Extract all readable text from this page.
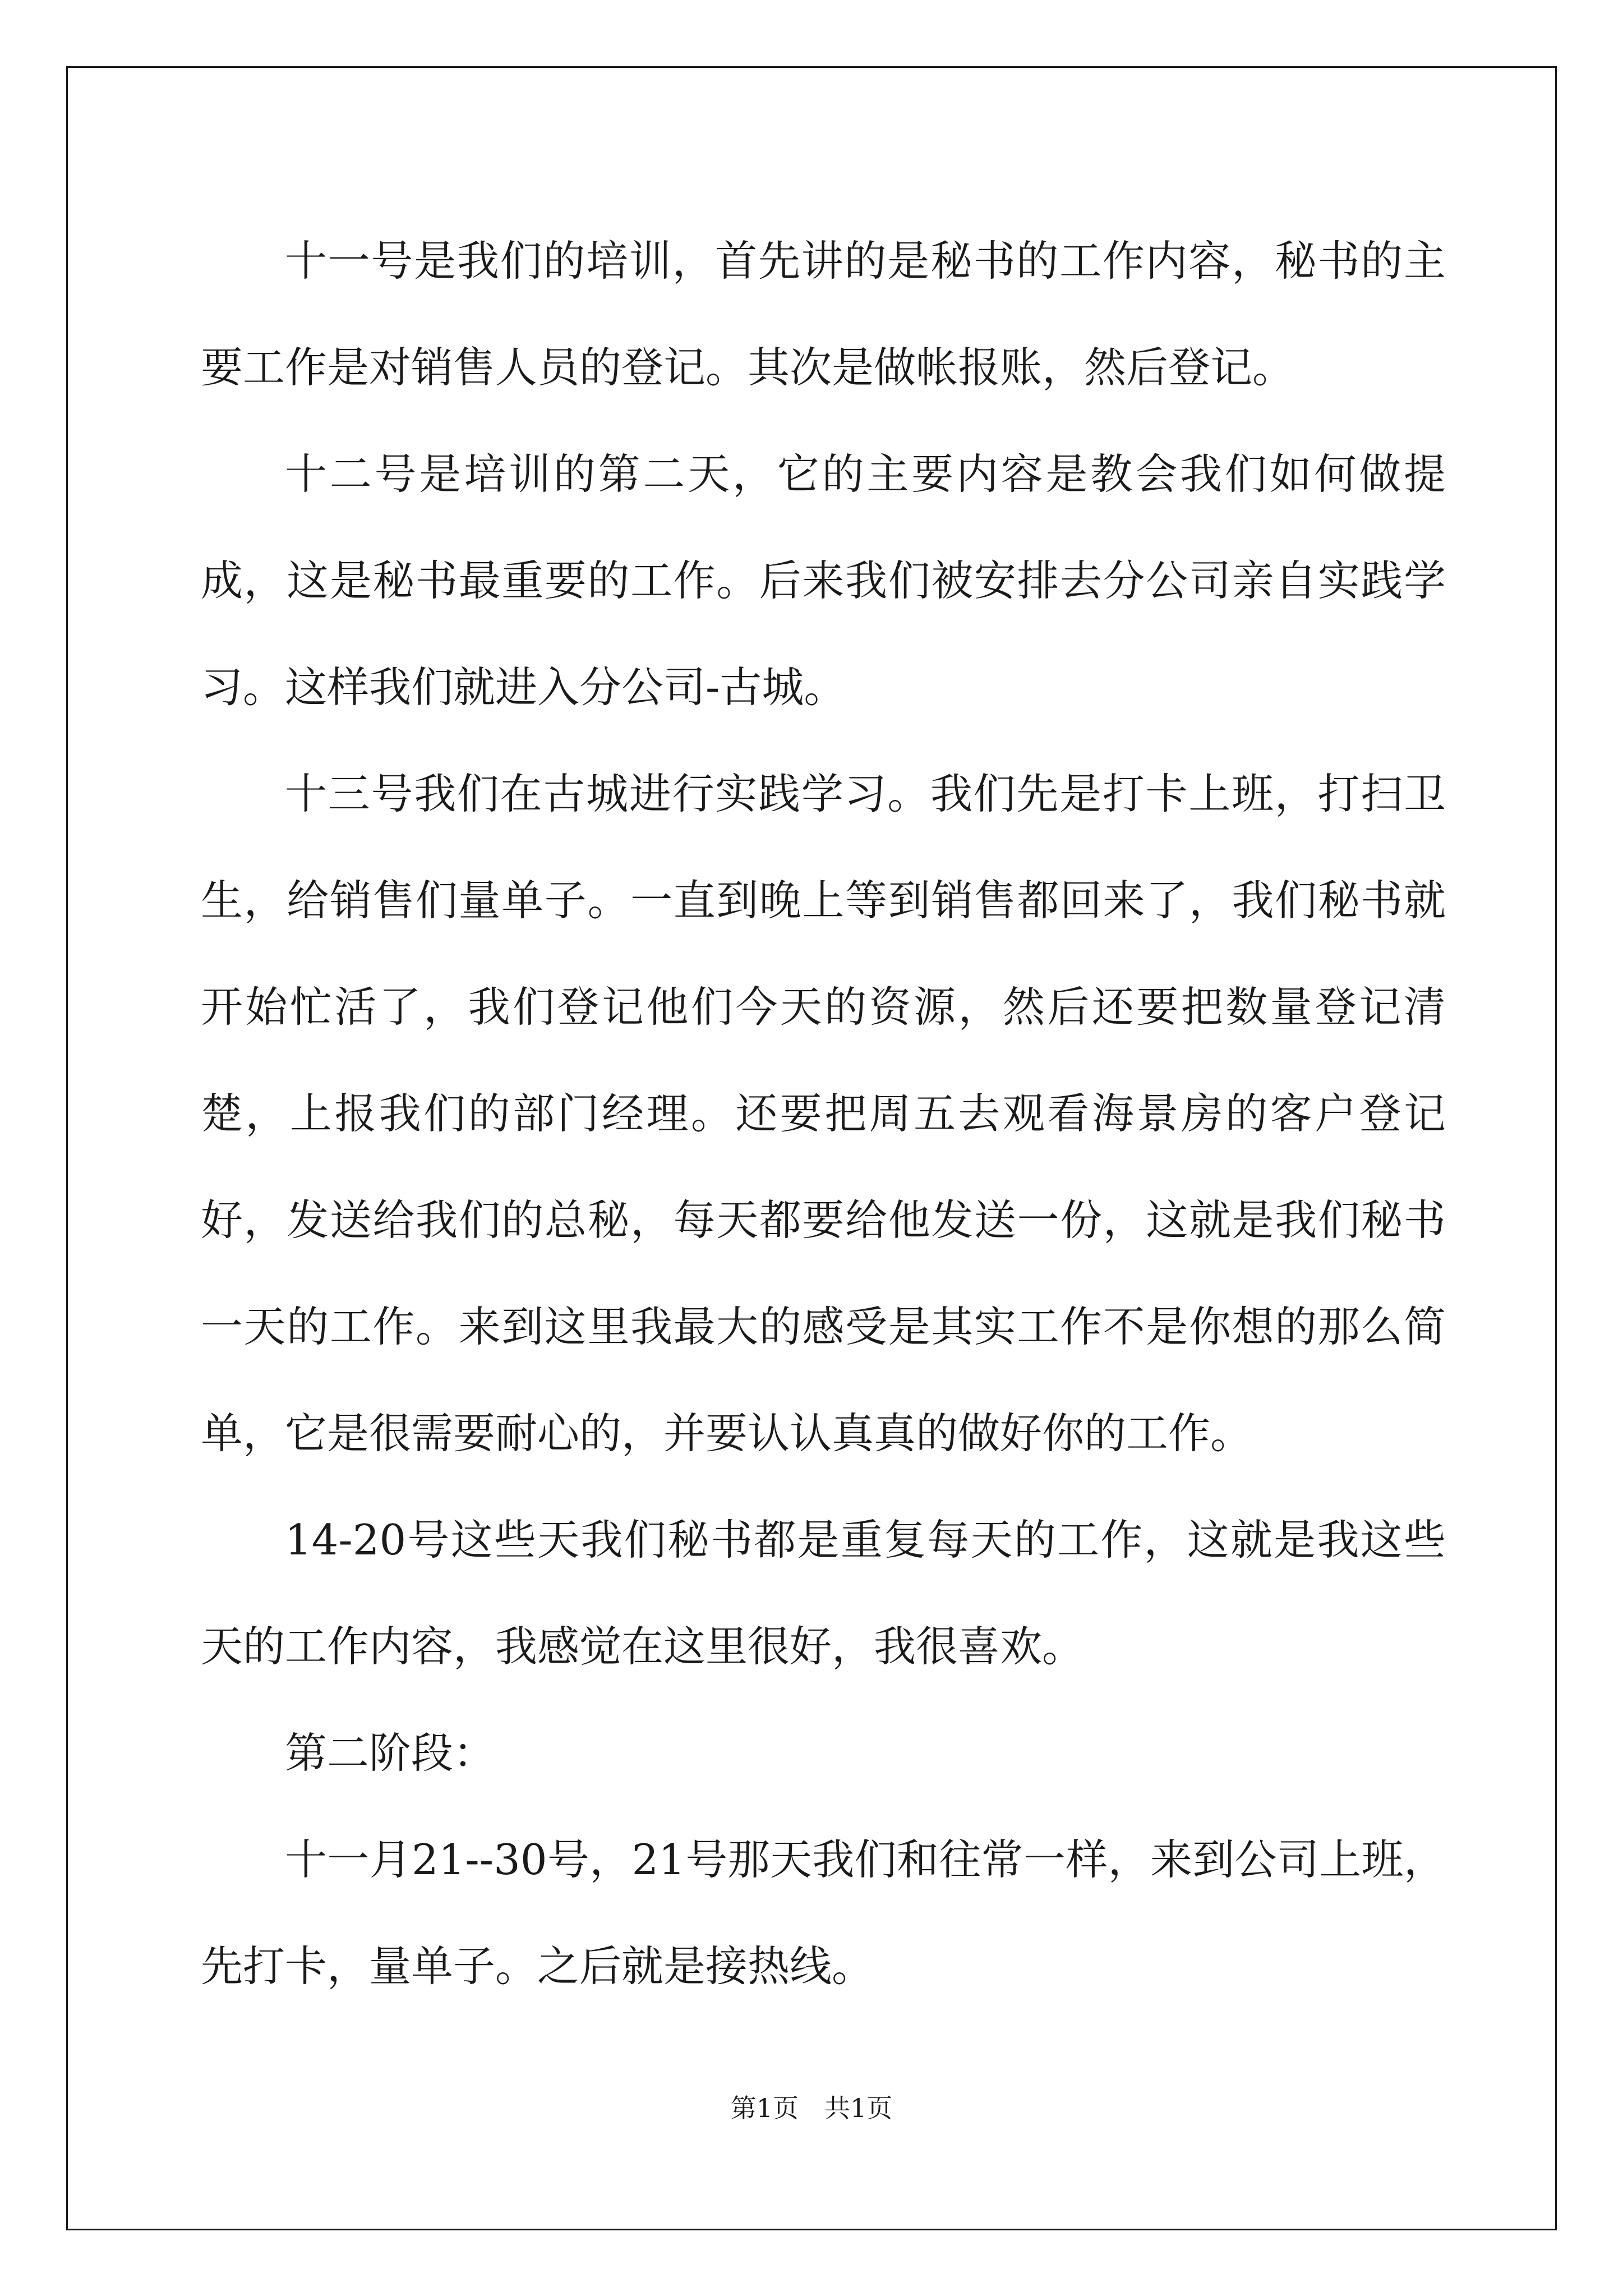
十一号是我们的培训，首先讲的是秘书的工作内容，秘书的主要工作是对销售人员的登记。其次是做帐报账，然后登记。

十二号是培训的第二天，它的主要内容是教会我们如何做提成，这是秘书最重要的工作。后来我们被安排去分公司亲自实践学习。这样我们就进入分公司-古城。

十三号我们在古城进行实践学习。我们先是打卡上班，打扫卫生，给销售们量单子。一直到晚上等到销售都回来了，我们秘书就开始忙活了，我们登记他们今天的资源，然后还要把数量登记清楚，上报我们的部门经理。还要把周五去观看海景房的客户登记好，发送给我们的总秘，每天都要给他发送一份，这就是我们秘书一天的工作。来到这里我最大的感受是其实工作不是你想的那么简单，它是很需要耐心的，并要认认真真的做好你的工作。

14-20号这些天我们秘书都是重复每天的工作，这就是我这些天的工作内容，我感觉在这里很好，我很喜欢。

第二阶段：

十一月21--30号，21号那天我们和往常一样，来到公司上班，先打卡，量单子。之后就是接热线。

第1页　共1页
